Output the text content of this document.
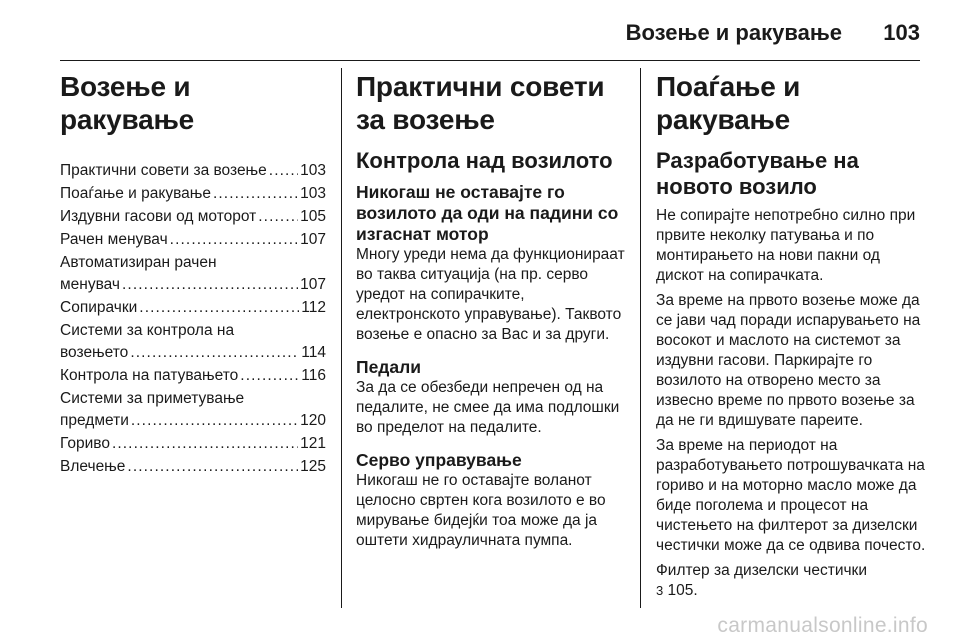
Возење и ракување 103
Возење и ракување
Практични совети за возење . . . 103
Поаѓање и ракување . . .	103
Издувни гасови од моторот . . .	105
Рачен менувач . . .	107
Автоматизиран рачен
менувач . . .	107
Сопирачки . . .	112
Системи за контрола на
возењето . . .	114
Контрола на патувањето . . .	116
Системи за приметување
предмети . . .	120
Гориво . . .	121
Влечење . . .	125
Практични совети за возење
Контрола над возилото
Никогаш не оставајте го возилото да оди на падини со изгаснат мотор

Многу уреди нема да функционираат во таква ситуација (на пр. серво уредот на сопирачките, електронското управување). Таквото возење е опасно за Вас и за други.

Педали

За да се обезбеди непречен од на педалите, не смее да има подлошки во пределот на педалите.

Серво управување

Никогаш не го оставајте воланот целосно свртен кога возилото е во мирување бидејќи тоа може да ја оштети хидрауличната пумпа.

Поаѓање и ракување
Разработување на новото возило

Не сопирајте непотребно силно при првите неколку патувања и по монтирањето на нови пакни од дискот на сопирачката.

За време на првото возење може да се јави чад поради испарувањето на восокот и маслото на системот за издувни гасови. Паркирајте го возилото на отворено место за извесно време по првото возење за да не ги вдишувате пареите.

За време на периодот на разработувањето потрошувачката на гориво и на моторно масло може да биде поголема и процесот на чистењето на филтерот за дизелски честички може да се одвива почесто.

Филтер за дизелски честички
3 105.

carmanualsonline.info
